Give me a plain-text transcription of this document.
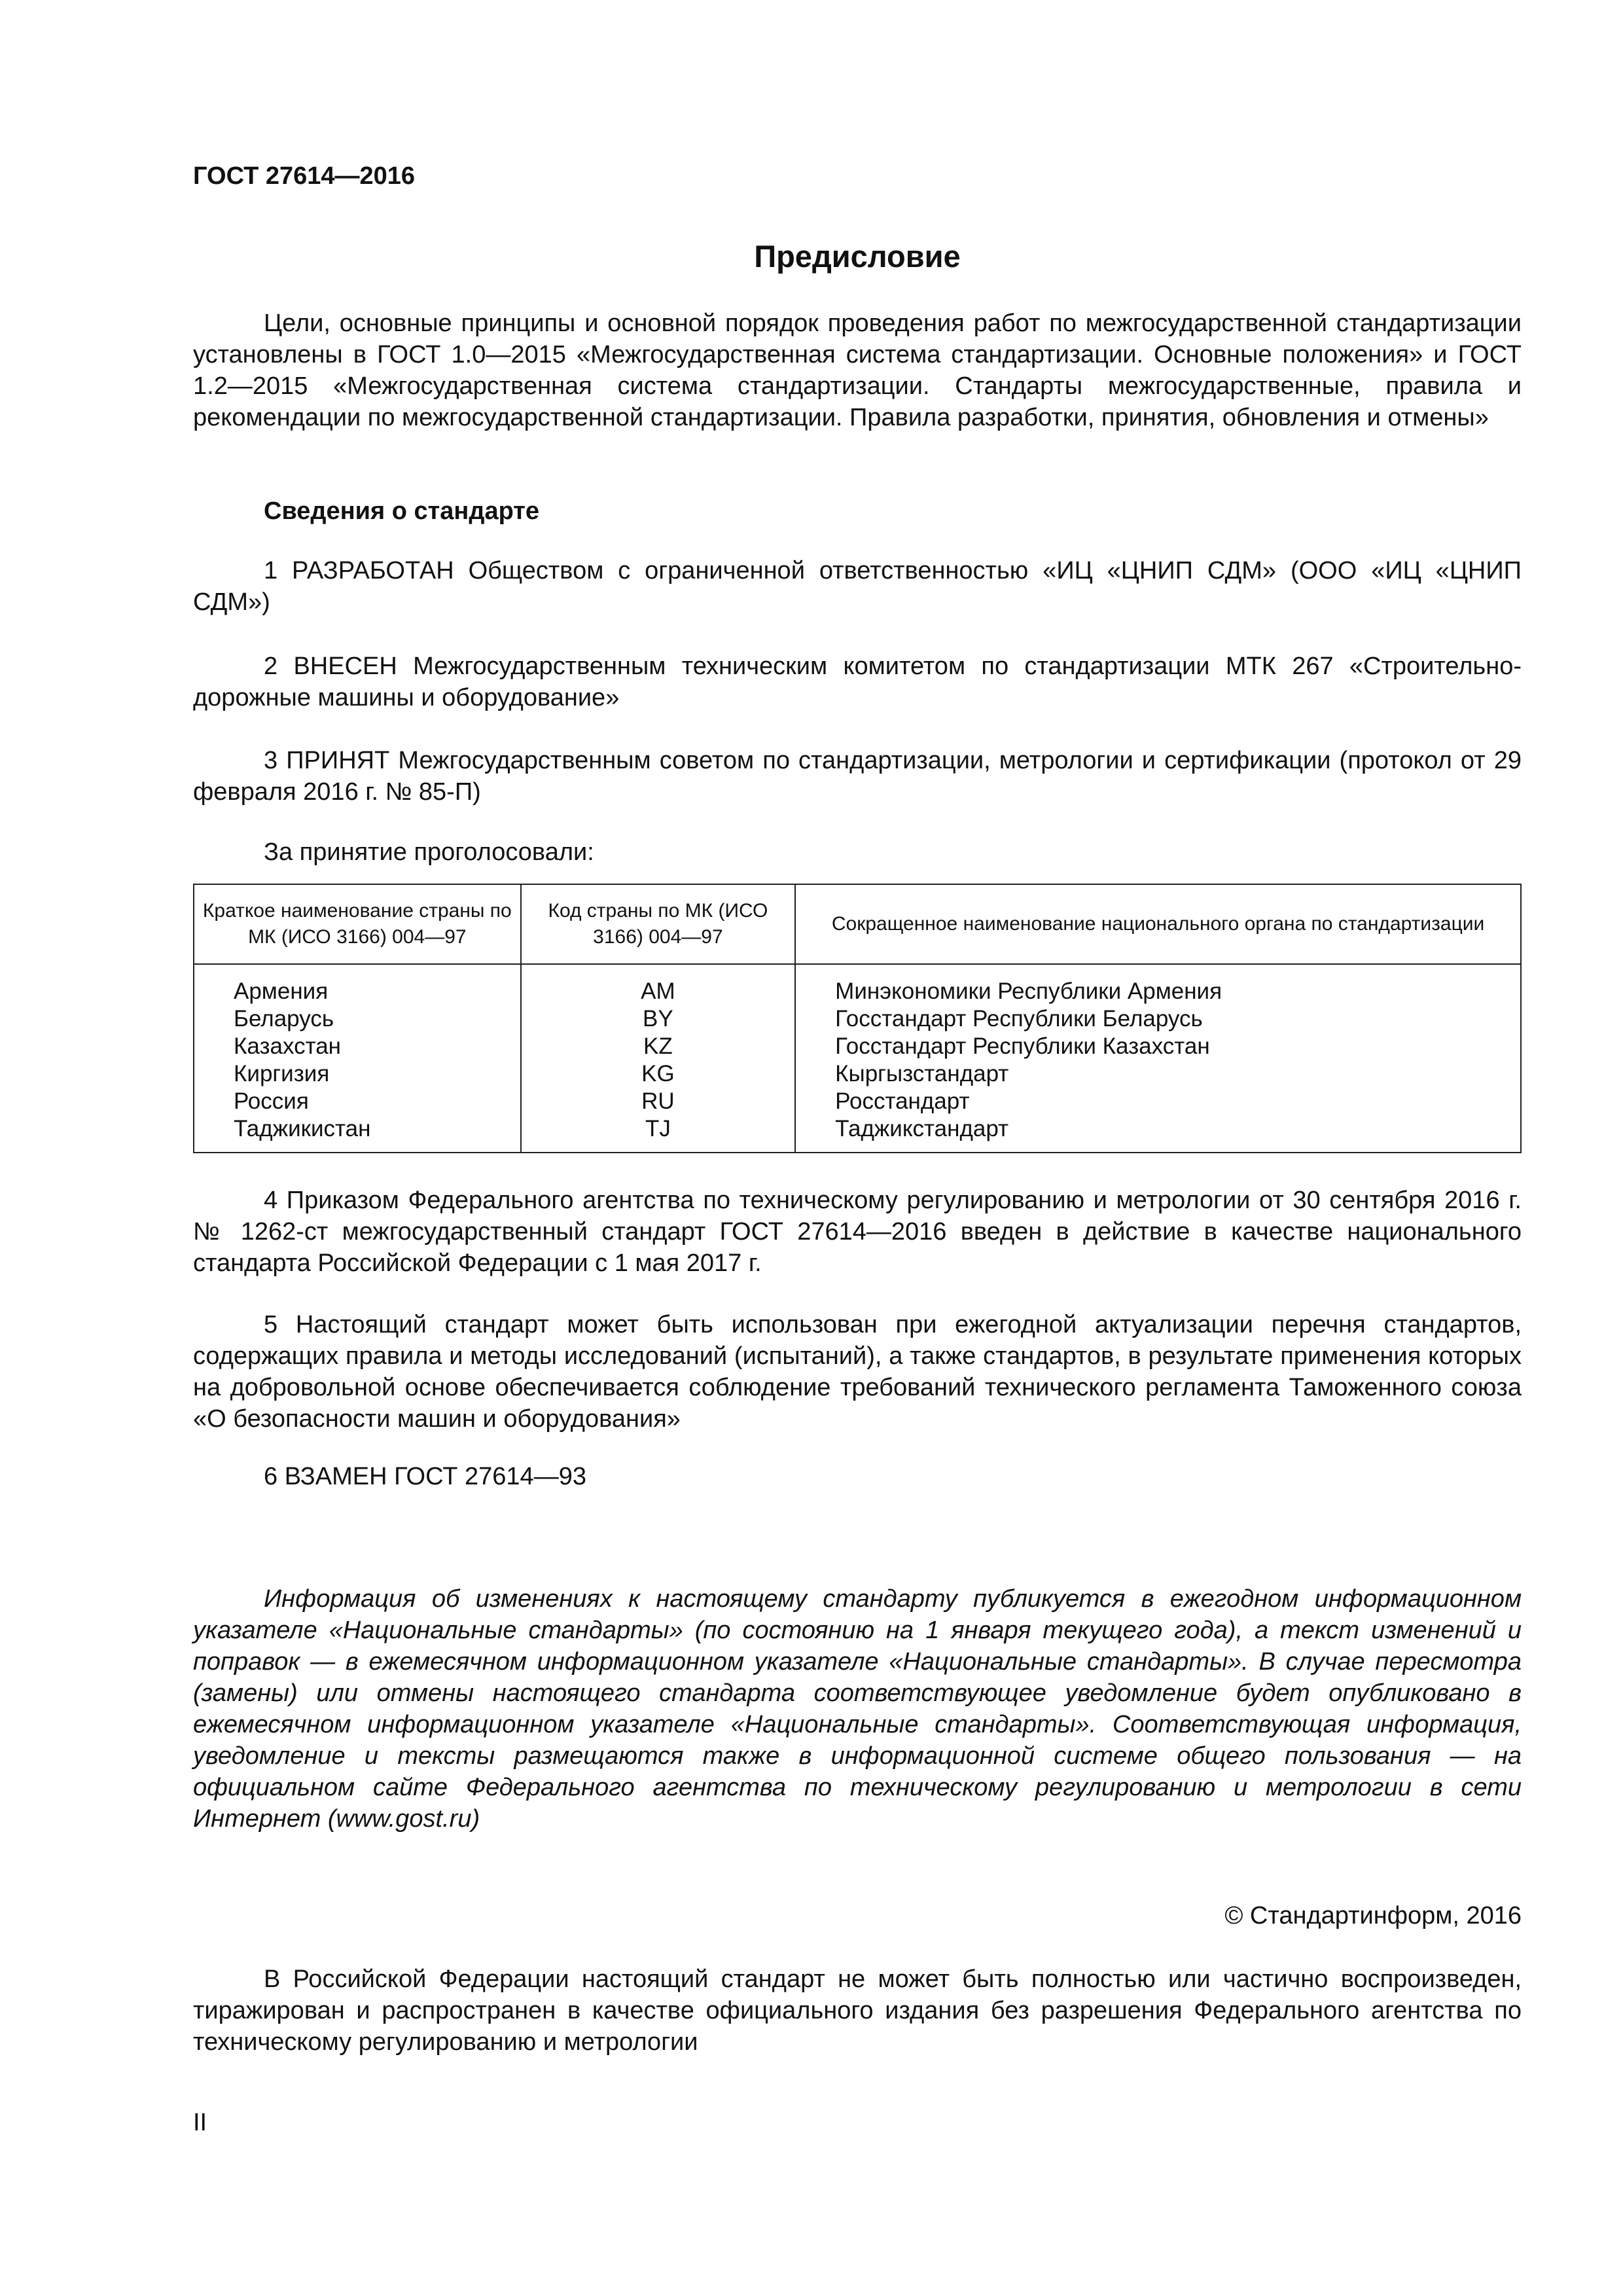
ГОСТ 27614—2016
Предисловие

Цели, основные принципы и основной порядок проведения работ по межгосударственной стандартизации установлены в ГОСТ 1.0—2015 «Межгосударственная система стандартизации. Основные положения» и ГОСТ 1.2—2015 «Межгосударственная система стандартизации. Стандарты межгосударственные, правила и рекомендации по межгосударственной стандартизации. Правила разработки, принятия, обновления и отмены»

Сведения о стандарте

1 РАЗРАБОТАН Обществом с ограниченной ответственностью «ИЦ «ЦНИП СДМ» (ООО «ИЦ «ЦНИП СДМ»)

2 ВНЕСЕН Межгосударственным техническим комитетом по стандартизации МТК 267 «Строительно-дорожные машины и оборудование»

3 ПРИНЯТ Межгосударственным советом по стандартизации, метрологии и сертификации (протокол от 29 февраля 2016 г. № 85-П)

За принятие проголосовали:
Краткое наименование страны по МК (ИСО 3166) 004—97	Код страны по МК (ИСО 3166) 004—97	Сокращенное наименование национального органа по стандартизации
Армения	AM	Минэкономики Республики Армения
Беларусь	BY	Госстандарт Республики Беларусь
Казахстан	KZ	Госстандарт Республики Казахстан
Киргизия	KG	Кыргызстандарт
Россия	RU	Росстандарт
Таджикистан	TJ	Таджикстандарт

4 Приказом Федерального агентства по техническому регулированию и метрологии от 30 сентября 2016 г. № 1262-ст межгосударственный стандарт ГОСТ 27614—2016 введен в действие в качестве национального стандарта Российской Федерации с 1 мая 2017 г.

5 Настоящий стандарт может быть использован при ежегодной актуализации перечня стандартов, содержащих правила и методы исследований (испытаний), а также стандартов, в результате применения которых на добровольной основе обеспечивается соблюдение требований технического регламента Таможенного союза «О безопасности машин и оборудования»

6 ВЗАМЕН ГОСТ 27614—93

Информация об изменениях к настоящему стандарту публикуется в ежегодном информационном указателе «Национальные стандарты» (по состоянию на 1 января текущего года), а текст изменений и поправок — в ежемесячном информационном указателе «Национальные стандарты». В случае пересмотра (замены) или отмены настоящего стандарта соответствующее уведомление будет опубликовано в ежемесячном информационном указателе «Национальные стандарты». Соответствующая информация, уведомление и тексты размещаются также в информационной системе общего пользования — на официальном сайте Федерального агентства по техническому регулированию и метрологии в сети Интернет (www.gost.ru)

© Стандартинформ, 2016

В Российской Федерации настоящий стандарт не может быть полностью или частично воспроизведен, тиражирован и распространен в качестве официального издания без разрешения Федерального агентства по техническому регулированию и метрологии

II
